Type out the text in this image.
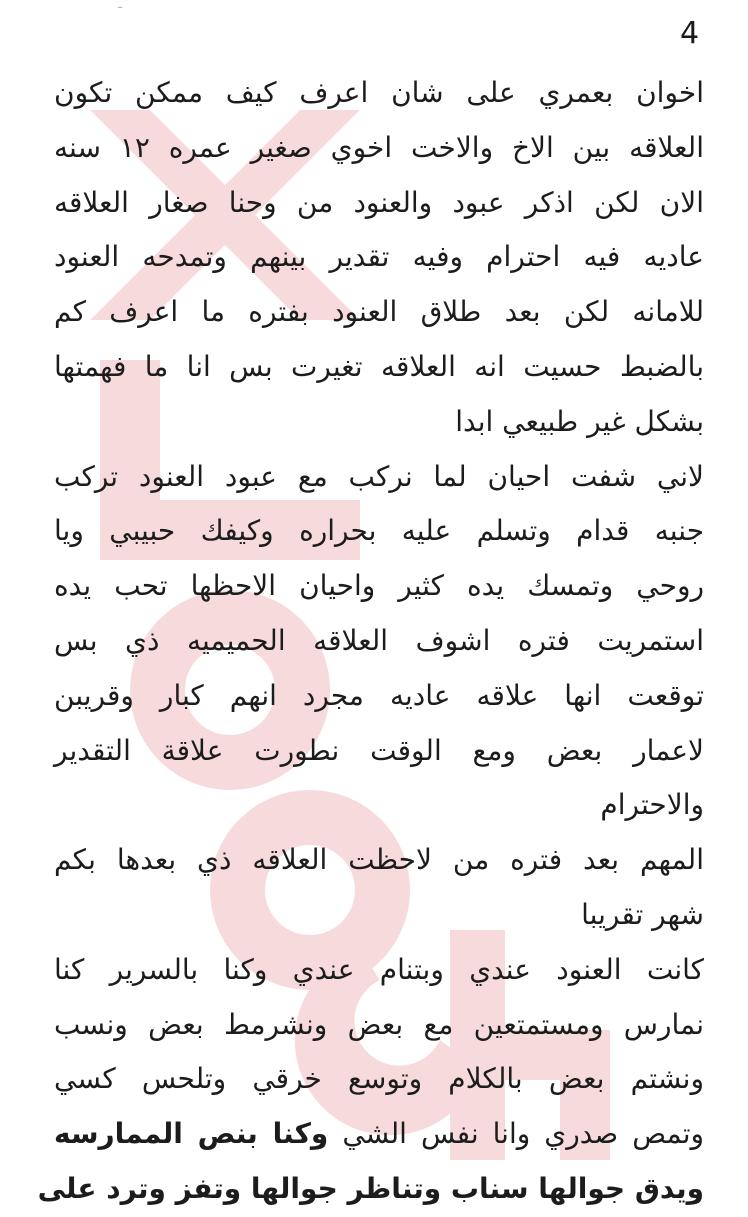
ـ
4
اخوان بعمري على شان اعرف كيف ممكن تكون
العلاقه بين الاخ والاخت اخوي صغير عمره ١٢ سنه
الان لكن اذكر عبود والعنود من وحنا صغار العلاقه
عاديه فيه احترام وفيه تقدير بينهم وتمدحه العنود
للامانه لكن بعد طلاق العنود بفتره ما اعرف كم
بالضبط حسيت انه العلاقه تغيرت بس انا ما فهمتها
بشكل غير طبيعي ابدا
لاني شفت احيان لما نركب مع عبود العنود تركب
جنبه قدام وتسلم عليه بحراره وكيفك حبيبي ويا
روحي وتمسك يده كثير واحيان الاحظها تحب يده
استمريت فتره اشوف العلاقه الحميميه ذي بس
توقعت انها علاقه عاديه مجرد انهم كبار وقريبن
لاعمار بعض ومع الوقت نطورت علاقة التقدير
والاحترام
المهم بعد فتره من لاحظت العلاقه ذي بعدها بكم
شهر تقريبا
كانت العنود عندي وبتنام عندي وكنا بالسرير كنا
نمارس ومستمتعين مع بعض ونشرمط بعض ونسب
ونشتم بعض بالكلام وتوسع خرقي وتلحس كسي
وتمص صدري وانا نفس الشي وكنا بنص الممارسه
ويدق جوالها سناب وتناظر جوالها وتفز وترد على
